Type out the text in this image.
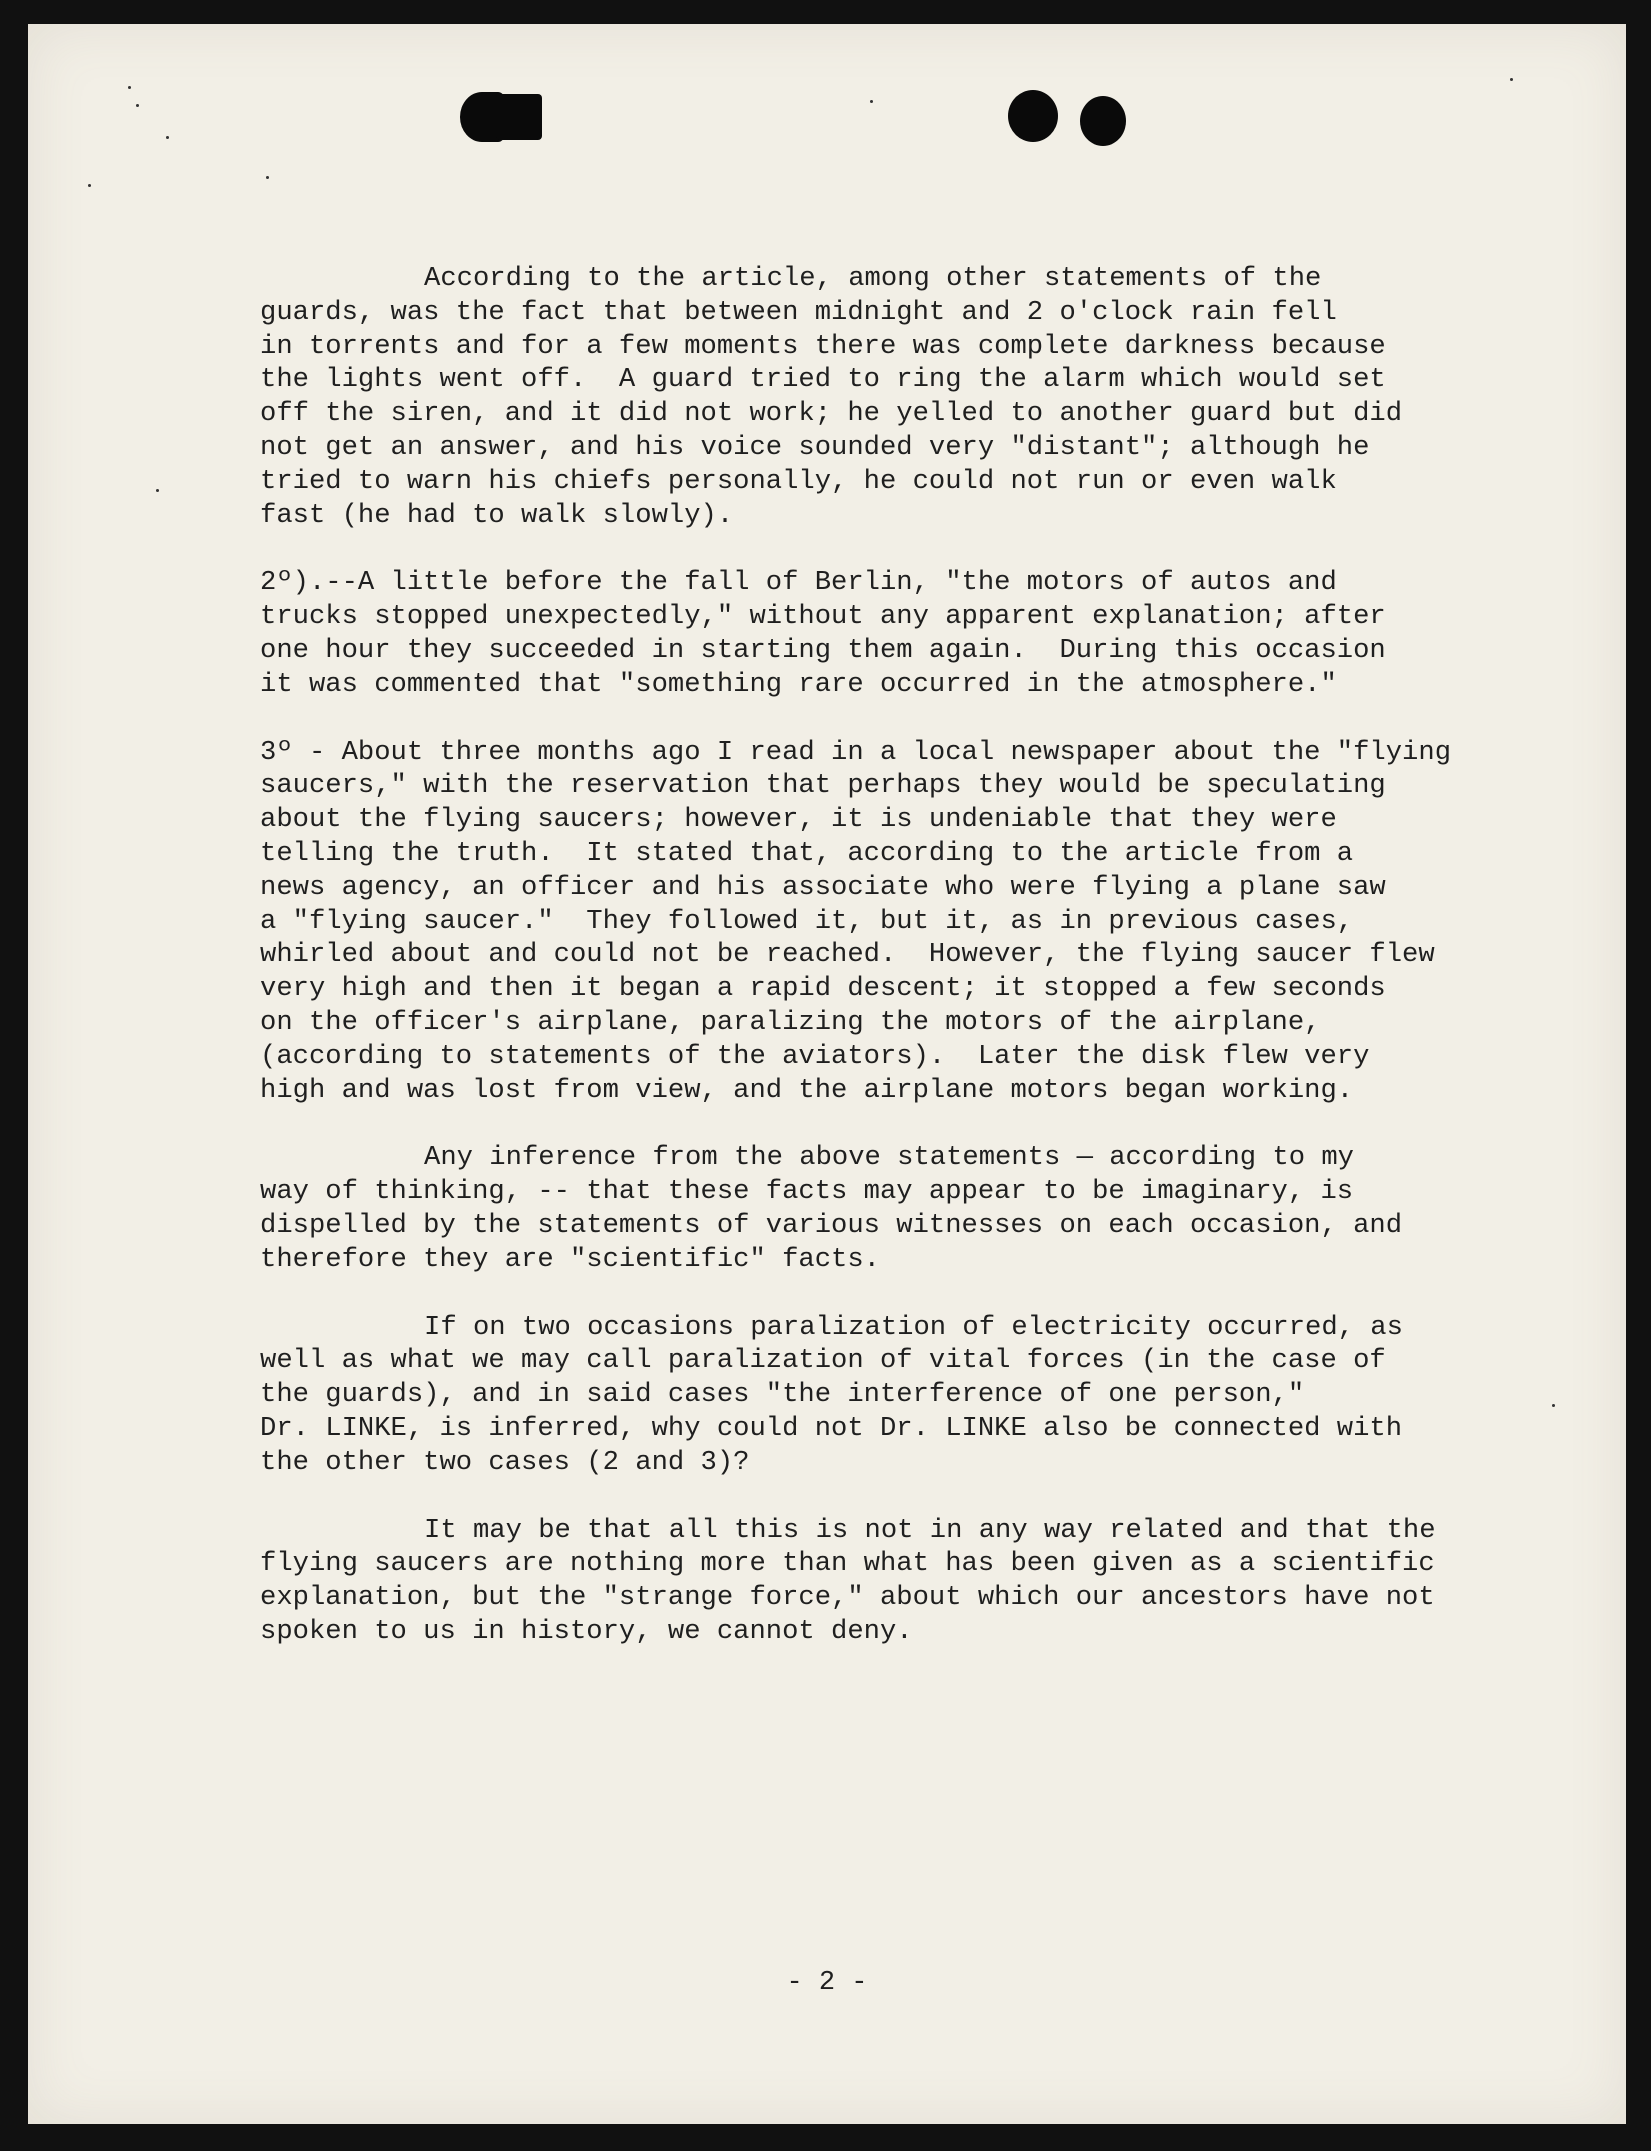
According to the article, among other statements of the
guards, was the fact that between midnight and 2 o'clock rain fell
in torrents and for a few moments there was complete darkness because
the lights went off.  A guard tried to ring the alarm which would set
off the siren, and it did not work; he yelled to another guard but did
not get an answer, and his voice sounded very "distant"; although he
tried to warn his chiefs personally, he could not run or even walk
fast (he had to walk slowly).
2º).--A little before the fall of Berlin, "the motors of autos and
trucks stopped unexpectedly," without any apparent explanation; after
one hour they succeeded in starting them again.  During this occasion
it was commented that "something rare occurred in the atmosphere."
3º - About three months ago I read in a local newspaper about the "flying
saucers," with the reservation that perhaps they would be speculating
about the flying saucers; however, it is undeniable that they were
telling the truth.  It stated that, according to the article from a
news agency, an officer and his associate who were flying a plane saw
a "flying saucer."  They followed it, but it, as in previous cases,
whirled about and could not be reached.  However, the flying saucer flew
very high and then it began a rapid descent; it stopped a few seconds
on the officer's airplane, paralizing the motors of the airplane,
(according to statements of the aviators).  Later the disk flew very
high and was lost from view, and the airplane motors began working.
Any inference from the above statements — according to my
way of thinking, -- that these facts may appear to be imaginary, is
dispelled by the statements of various witnesses on each occasion, and
therefore they are "scientific" facts.
If on two occasions paralization of electricity occurred, as
well as what we may call paralization of vital forces (in the case of
the guards), and in said cases "the interference of one person,"
Dr. LINKE, is inferred, why could not Dr. LINKE also be connected with
the other two cases (2 and 3)?
It may be that all this is not in any way related and that the
flying saucers are nothing more than what has been given as a scientific
explanation, but the "strange force," about which our ancestors have not
spoken to us in history, we cannot deny.
- 2 -
